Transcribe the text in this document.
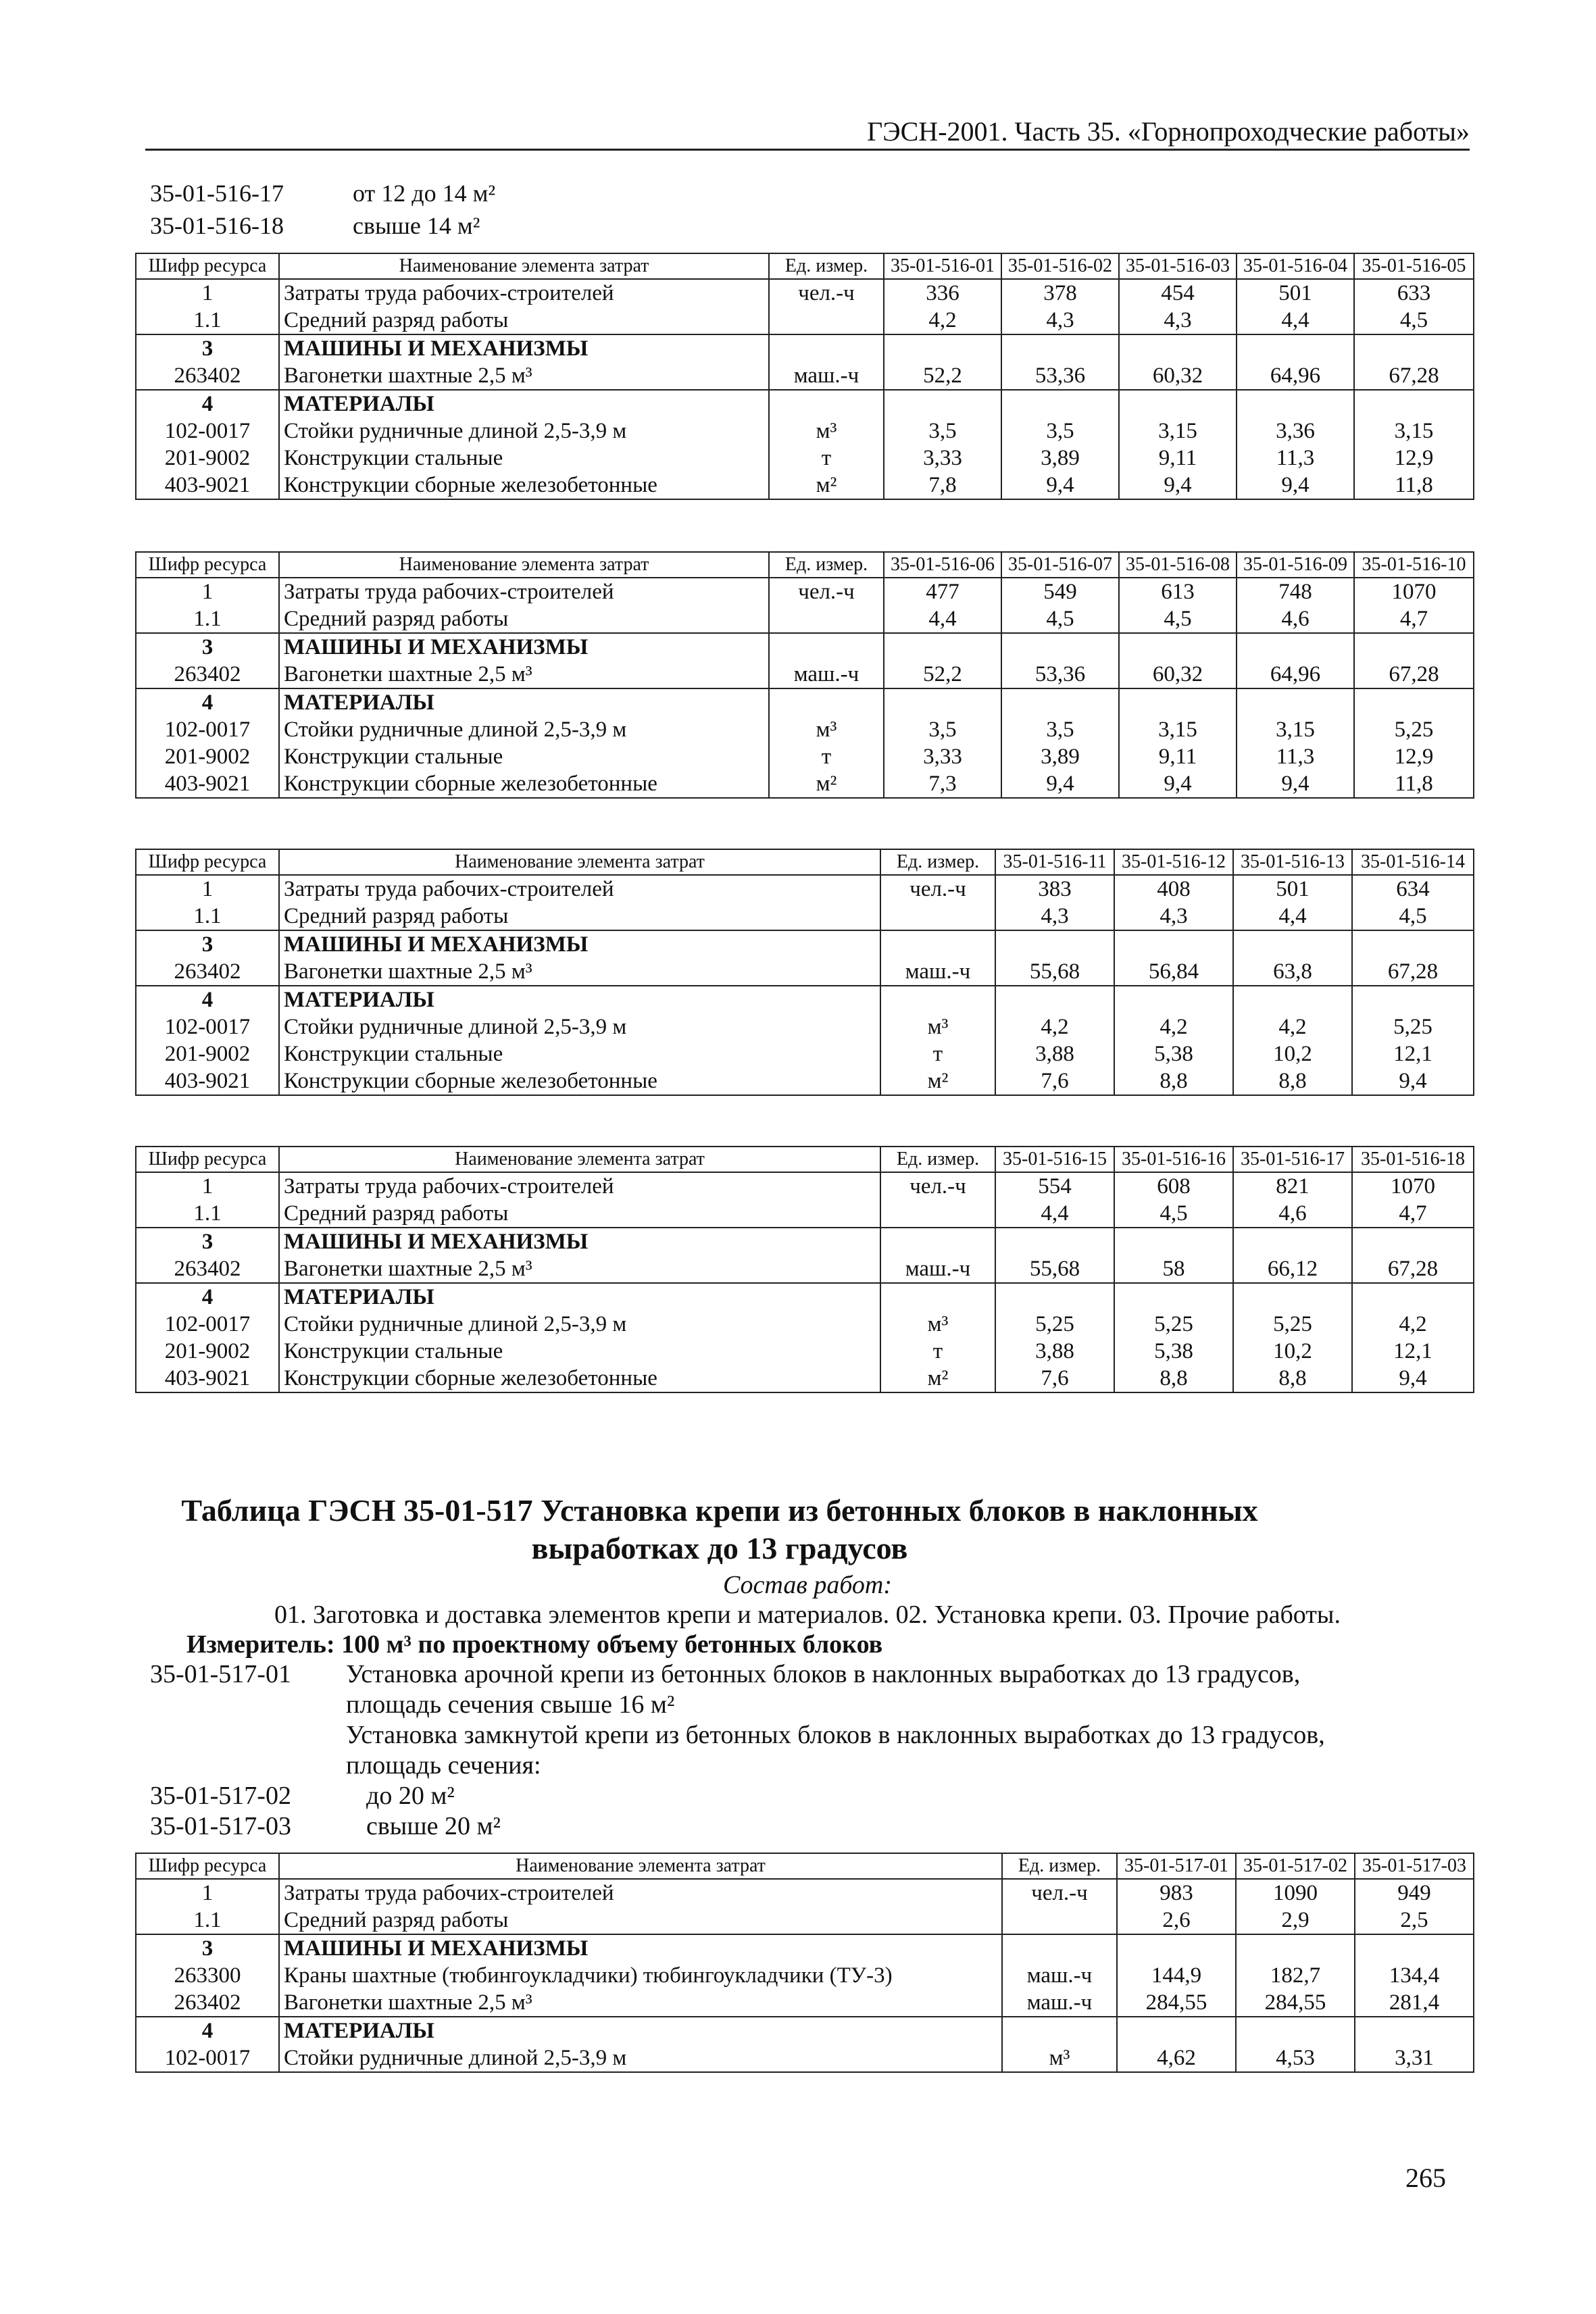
ГЭСН-2001. Часть 35. «Горнопроходческие работы»
35-01-516-17	от 12 до 14 м²
35-01-516-18	свыше 14 м²
Шифр ресурса	Наименование элемента затрат	Ед. измер.	35-01-516-01	35-01-516-02	35-01-516-03	35-01-516-04	35-01-516-05
1	Затраты труда рабочих-строителей	чел.-ч	336	378	454	501	633
1.1	Средний разряд работы		4,2	4,3	4,3	4,4	4,5
3	МАШИНЫ И МЕХАНИЗМЫ						
263402	Вагонетки шахтные 2,5 м³	маш.-ч	52,2	53,36	60,32	64,96	67,28
4	МАТЕРИАЛЫ						
102-0017	Стойки рудничные длиной 2,5-3,9 м	м³	3,5	3,5	3,15	3,36	3,15
201-9002	Конструкции стальные	т	3,33	3,89	9,11	11,3	12,9
403-9021	Конструкции сборные железобетонные	м²	7,8	9,4	9,4	9,4	11,8
Шифр ресурса	Наименование элемента затрат	Ед. измер.	35-01-516-06	35-01-516-07	35-01-516-08	35-01-516-09	35-01-516-10
1	Затраты труда рабочих-строителей	чел.-ч	477	549	613	748	1070
1.1	Средний разряд работы		4,4	4,5	4,5	4,6	4,7
3	МАШИНЫ И МЕХАНИЗМЫ						
263402	Вагонетки шахтные 2,5 м³	маш.-ч	52,2	53,36	60,32	64,96	67,28
4	МАТЕРИАЛЫ						
102-0017	Стойки рудничные длиной 2,5-3,9 м	м³	3,5	3,5	3,15	3,15	5,25
201-9002	Конструкции стальные	т	3,33	3,89	9,11	11,3	12,9
403-9021	Конструкции сборные железобетонные	м²	7,3	9,4	9,4	9,4	11,8
Шифр ресурса	Наименование элемента затрат	Ед. измер.	35-01-516-11	35-01-516-12	35-01-516-13	35-01-516-14
1	Затраты труда рабочих-строителей	чел.-ч	383	408	501	634
1.1	Средний разряд работы		4,3	4,3	4,4	4,5
3	МАШИНЫ И МЕХАНИЗМЫ					
263402	Вагонетки шахтные 2,5 м³	маш.-ч	55,68	56,84	63,8	67,28
4	МАТЕРИАЛЫ					
102-0017	Стойки рудничные длиной 2,5-3,9 м	м³	4,2	4,2	4,2	5,25
201-9002	Конструкции стальные	т	3,88	5,38	10,2	12,1
403-9021	Конструкции сборные железобетонные	м²	7,6	8,8	8,8	9,4
Шифр ресурса	Наименование элемента затрат	Ед. измер.	35-01-516-15	35-01-516-16	35-01-516-17	35-01-516-18
1	Затраты труда рабочих-строителей	чел.-ч	554	608	821	1070
1.1	Средний разряд работы		4,4	4,5	4,6	4,7
3	МАШИНЫ И МЕХАНИЗМЫ					
263402	Вагонетки шахтные 2,5 м³	маш.-ч	55,68	58	66,12	67,28
4	МАТЕРИАЛЫ					
102-0017	Стойки рудничные длиной 2,5-3,9 м	м³	5,25	5,25	5,25	4,2
201-9002	Конструкции стальные	т	3,88	5,38	10,2	12,1
403-9021	Конструкции сборные железобетонные	м²	7,6	8,8	8,8	9,4
Таблица ГЭСН 35-01-517 Установка крепи из бетонных блоков в наклонных выработках до 13 градусов
Состав работ:
01. Заготовка и доставка элементов крепи и материалов. 02. Установка крепи. 03. Прочие работы.
Измеритель: 100 м³ по проектному объему бетонных блоков
35-01-517-01	Установка арочной крепи из бетонных блоков в наклонных выработках до 13 градусов,
площадь сечения свыше 16 м²
Установка замкнутой крепи из бетонных блоков в наклонных выработках до 13 градусов,
площадь сечения:
35-01-517-02	до 20 м²
35-01-517-03	свыше 20 м²
Шифр ресурса	Наименование элемента затрат	Ед. измер.	35-01-517-01	35-01-517-02	35-01-517-03
1	Затраты труда рабочих-строителей	чел.-ч	983	1090	949
1.1	Средний разряд работы		2,6	2,9	2,5
3	МАШИНЫ И МЕХАНИЗМЫ				
263300	Краны шахтные (тюбингоукладчики) тюбингоукладчики (ТУ-3)	маш.-ч	144,9	182,7	134,4
263402	Вагонетки шахтные 2,5 м³	маш.-ч	284,55	284,55	281,4
4	МАТЕРИАЛЫ				
102-0017	Стойки рудничные длиной 2,5-3,9 м	м³	4,62	4,53	3,31
265
